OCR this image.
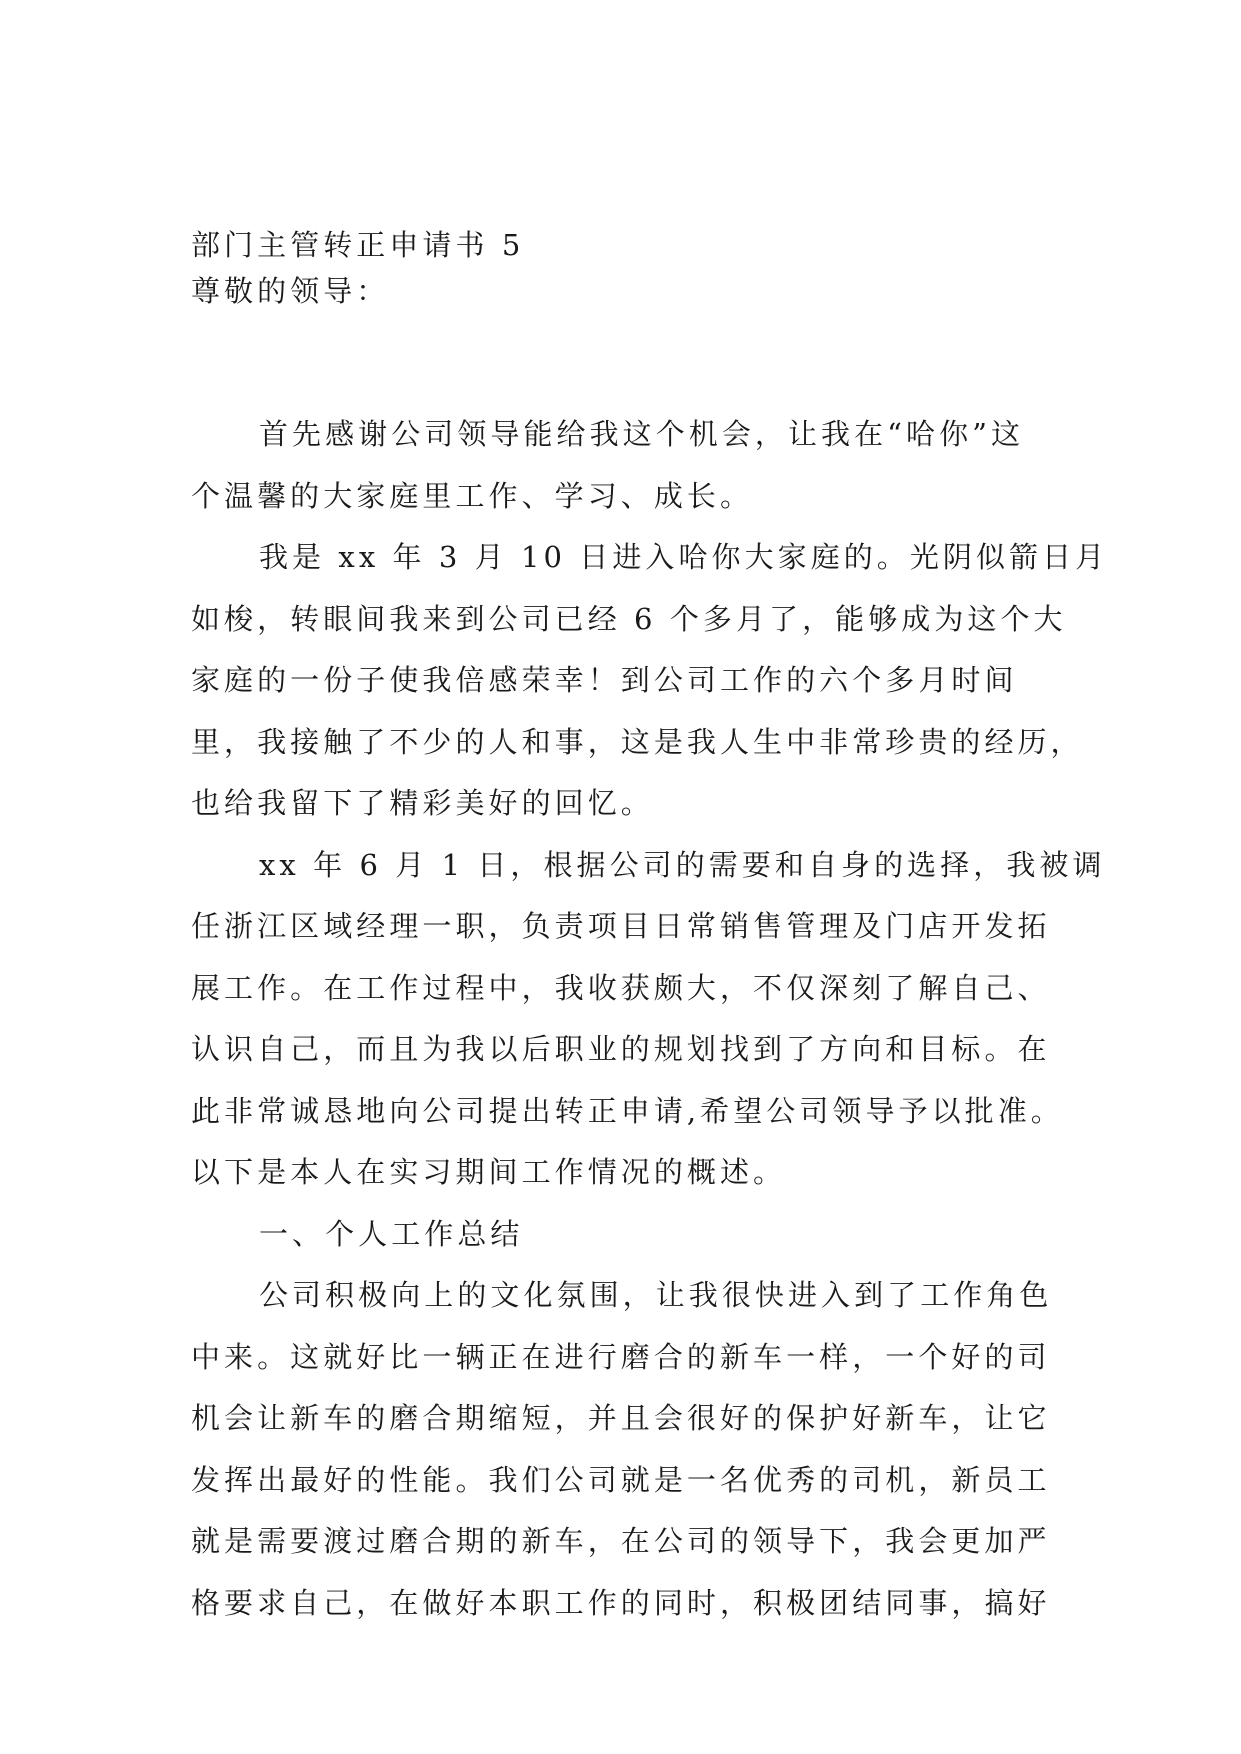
部门主管转正申请书 5
尊敬的领导：
首先感谢公司领导能给我这个机会，让我在“哈你”这
个温馨的大家庭里工作、学习、成长。
我是 xx 年 3 月 10 日进入哈你大家庭的。光阴似箭日月
如梭，转眼间我来到公司已经 6 个多月了，能够成为这个大
家庭的一份子使我倍感荣幸！到公司工作的六个多月时间
里，我接触了不少的人和事，这是我人生中非常珍贵的经历，
也给我留下了精彩美好的回忆。
xx 年 6 月 1 日，根据公司的需要和自身的选择，我被调
任浙江区域经理一职，负责项目日常销售管理及门店开发拓
展工作。在工作过程中，我收获颇大，不仅深刻了解自己、
认识自己，而且为我以后职业的规划找到了方向和目标。在
此非常诚恳地向公司提出转正申请,希望公司领导予以批准。
以下是本人在实习期间工作情况的概述。
一、个人工作总结
公司积极向上的文化氛围，让我很快进入到了工作角色
中来。这就好比一辆正在进行磨合的新车一样，一个好的司
机会让新车的磨合期缩短，并且会很好的保护好新车，让它
发挥出最好的性能。我们公司就是一名优秀的司机，新员工
就是需要渡过磨合期的新车，在公司的领导下，我会更加严
格要求自己，在做好本职工作的同时，积极团结同事，搞好
